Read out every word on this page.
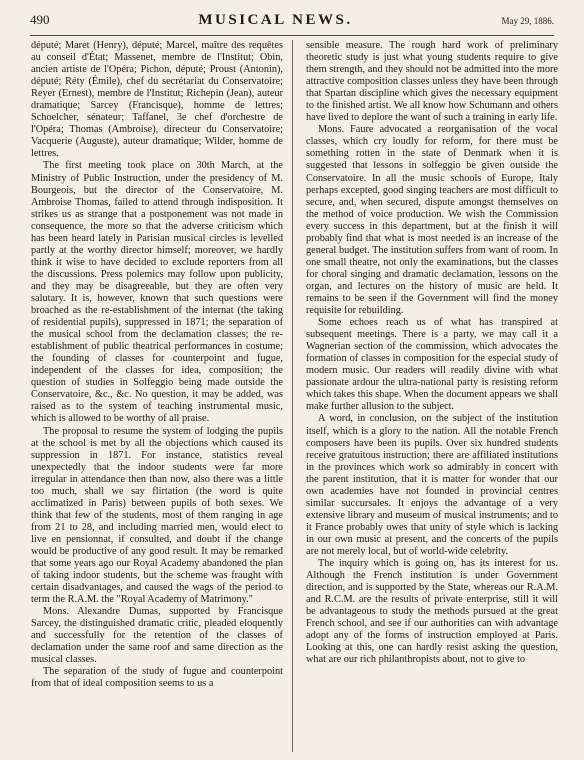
490	MUSICAL NEWS.	May 29, 1886.

député; Maret (Henry), député; Marcel, maître des requêtes au conseil d'État; Massenet, membre de l'Institut; Obin, ancien artiste de l'Opéra; Pichon, député; Proust (Antonin), député; Réty (Émile), chef du secrétariat du Conservatoire; Reyer (Ernest), membre de l'Institut; Richepin (Jean), auteur dramatique; Sarcey (Francisque), homme de lettres; Schoelcher, sénateur; Taffanel, 3e chef d'orchestre de l'Opéra; Thomas (Ambroise), directeur du Conservatoire; Vacquerie (Auguste), auteur dramatique; Wilder, homme de lettres.

The first meeting took place on 30th March, at the Ministry of Public Instruction, under the presidency of M. Bourgeois, but the director of the Conservatoire, M. Ambroise Thomas, failed to attend through indisposition. It strikes us as strange that a postponement was not made in consequence, the more so that the adverse criticism which has been heard lately in Parisian musical circles is levelled partly at the worthy director himself; moreover, we hardly think it wise to have decided to exclude reporters from all the discussions. Press polemics may follow upon publicity, and they may be disagreeable, but they are often very salutary. It is, however, known that such questions were broached as the re-establishment of the internat (the taking of residential pupils), suppressed in 1871; the separation of the musical school from the declamation classes; the re-establishment of public theatrical performances in costume; the founding of classes for counterpoint and fugue, independent of the classes for idea, composition; the question of studies in Solfeggio being made outside the Conservatoire, &c., &c. No question, it may be added, was raised as to the system of teaching instrumental music, which is allowed to be worthy of all praise.

The proposal to resume the system of lodging the pupils at the school is met by all the objections which caused its suppression in 1871. For instance, statistics reveal unexpectedly that the indoor students were far more irregular in attendance then than now, also there was a little too much, shall we say flirtation (the word is quite acclimatized in Paris) between pupils of both sexes. We think that few of the students, most of them ranging in age from 21 to 28, and including married men, would elect to live en pensionnat, if consulted, and doubt if the change would be productive of any good result. It may be remarked that some years ago our Royal Academy abandoned the plan of taking indoor students, but the scheme was fraught with certain disadvantages, and caused the wags of the period to term the R.A.M. the "Royal Academy of Matrimony."

Mons. Alexandre Dumas, supported by Francisque Sarcey, the distinguished dramatic critic, pleaded eloquently and successfully for the retention of the classes of declamation under the same roof and same direction as the musical classes.

The separation of the study of fugue and counterpoint from that of ideal composition seems to us a

sensible measure. The rough hard work of preliminary theoretic study is just what young students require to give them strength, and they should not be admitted into the more attractive composition classes unless they have been through that Spartan discipline which gives the necessary equipment to the finished artist. We all know how Schumann and others have lived to deplore the want of such a training in early life.

Mons. Faure advocated a reorganisation of the vocal classes, which cry loudly for reform, for there must be something rotten in the state of Denmark when it is suggested that lessons in solfeggio be given outside the Conservatoire. In all the music schools of Europe, Italy perhaps excepted, good singing teachers are most difficult to secure, and, when secured, dispute amongst themselves on the method of voice production. We wish the Commission every success in this department, but at the finish it will probably find that what is most needed is an increase of the general budget. The institution suffers from want of room. In one small theatre, not only the examinations, but the classes for choral singing and dramatic declamation, lessons on the organ, and lectures on the history of music are held. It remains to be seen if the Government will find the money requisite for rebuilding.

Some echoes reach us of what has transpired at subsequent meetings. There is a party, we may call it a Wagnerian section of the commission, which advocates the formation of classes in composition for the especial study of modern music. Our readers will readily divine with what passionate ardour the ultra-national party is resisting reform which takes this shape. When the document appears we shall make further allusion to the subject.

A word, in conclusion, on the subject of the institution itself, which is a glory to the nation. All the notable French composers have been its pupils. Over six hundred students receive gratuitous instruction; there are affiliated institutions in the provinces which work so admirably in concert with the parent institution, that it is matter for wonder that our own academies have not founded in provincial centres similar succursales. It enjoys the advantage of a very extensive library and museum of musical instruments; and to it France probably owes that unity of style which is lacking in our own music at present, and the concerts of the pupils are not merely local, but of world-wide celebrity.

The inquiry which is going on, has its interest for us. Although the French institution is under Government direction, and is supported by the State, whereas our R.A.M. and R.C.M. are the results of private enterprise, still it will be advantageous to study the methods pursued at the great French school, and see if our authorities can with advantage adopt any of the forms of instruction employed at Paris. Looking at this, one can hardly resist asking the question, what are our rich philanthropists about, not to give to
